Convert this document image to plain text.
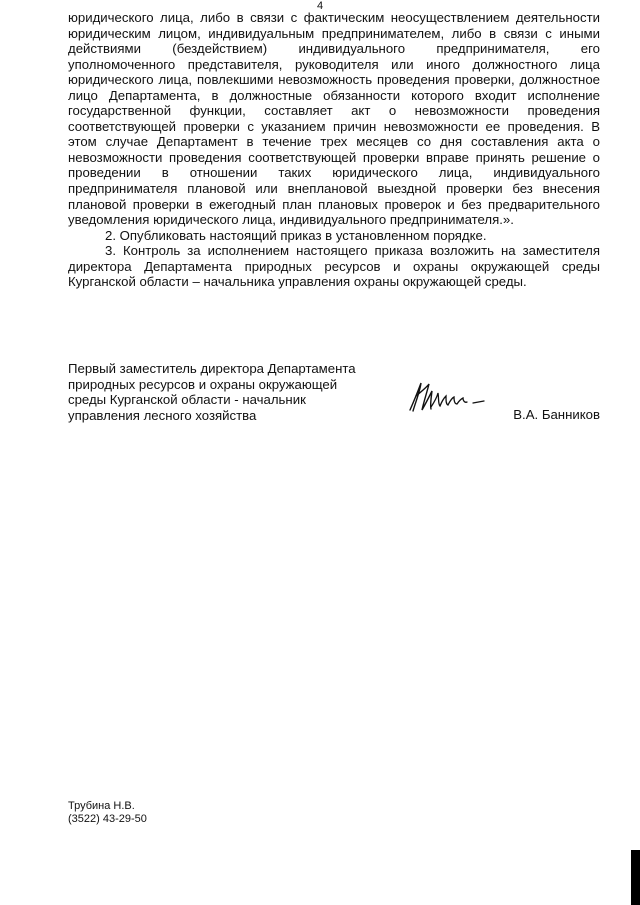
4

юридического лица, либо в связи с фактическим неосуществлением деятельности юридическим лицом, индивидуальным предпринимателем, либо в связи с иными действиями (бездействием) индивидуального предпринимателя, его уполномоченного представителя, руководителя или иного должностного лица юридического лица, повлекшими невозможность проведения проверки, должностное лицо Департамента, в должностные обязанности которого входит исполнение государственной функции, составляет акт о невозможности проведения соответствующей проверки с указанием причин невозможности ее проведения. В этом случае Департамент в течение трех месяцев со дня составления акта о невозможности проведения соответствующей проверки вправе принять решение о проведении в отношении таких юридического лица, индивидуального предпринимателя плановой или внеплановой выездной проверки без внесения плановой проверки в ежегодный план плановых проверок и без предварительного уведомления юридического лица, индивидуального предпринимателя.».

2. Опубликовать настоящий приказ в установленном порядке.

3. Контроль за исполнением настоящего приказа возложить на заместителя директора Департамента природных ресурсов и охраны окружающей среды Курганской области – начальника управления охраны окружающей среды.

Первый заместитель директора Департамента
природных ресурсов и охраны окружающей
среды Курганской области - начальник
управления лесного хозяйства	В.А. Банников
Трубина Н.В.
(3522) 43-29-50
